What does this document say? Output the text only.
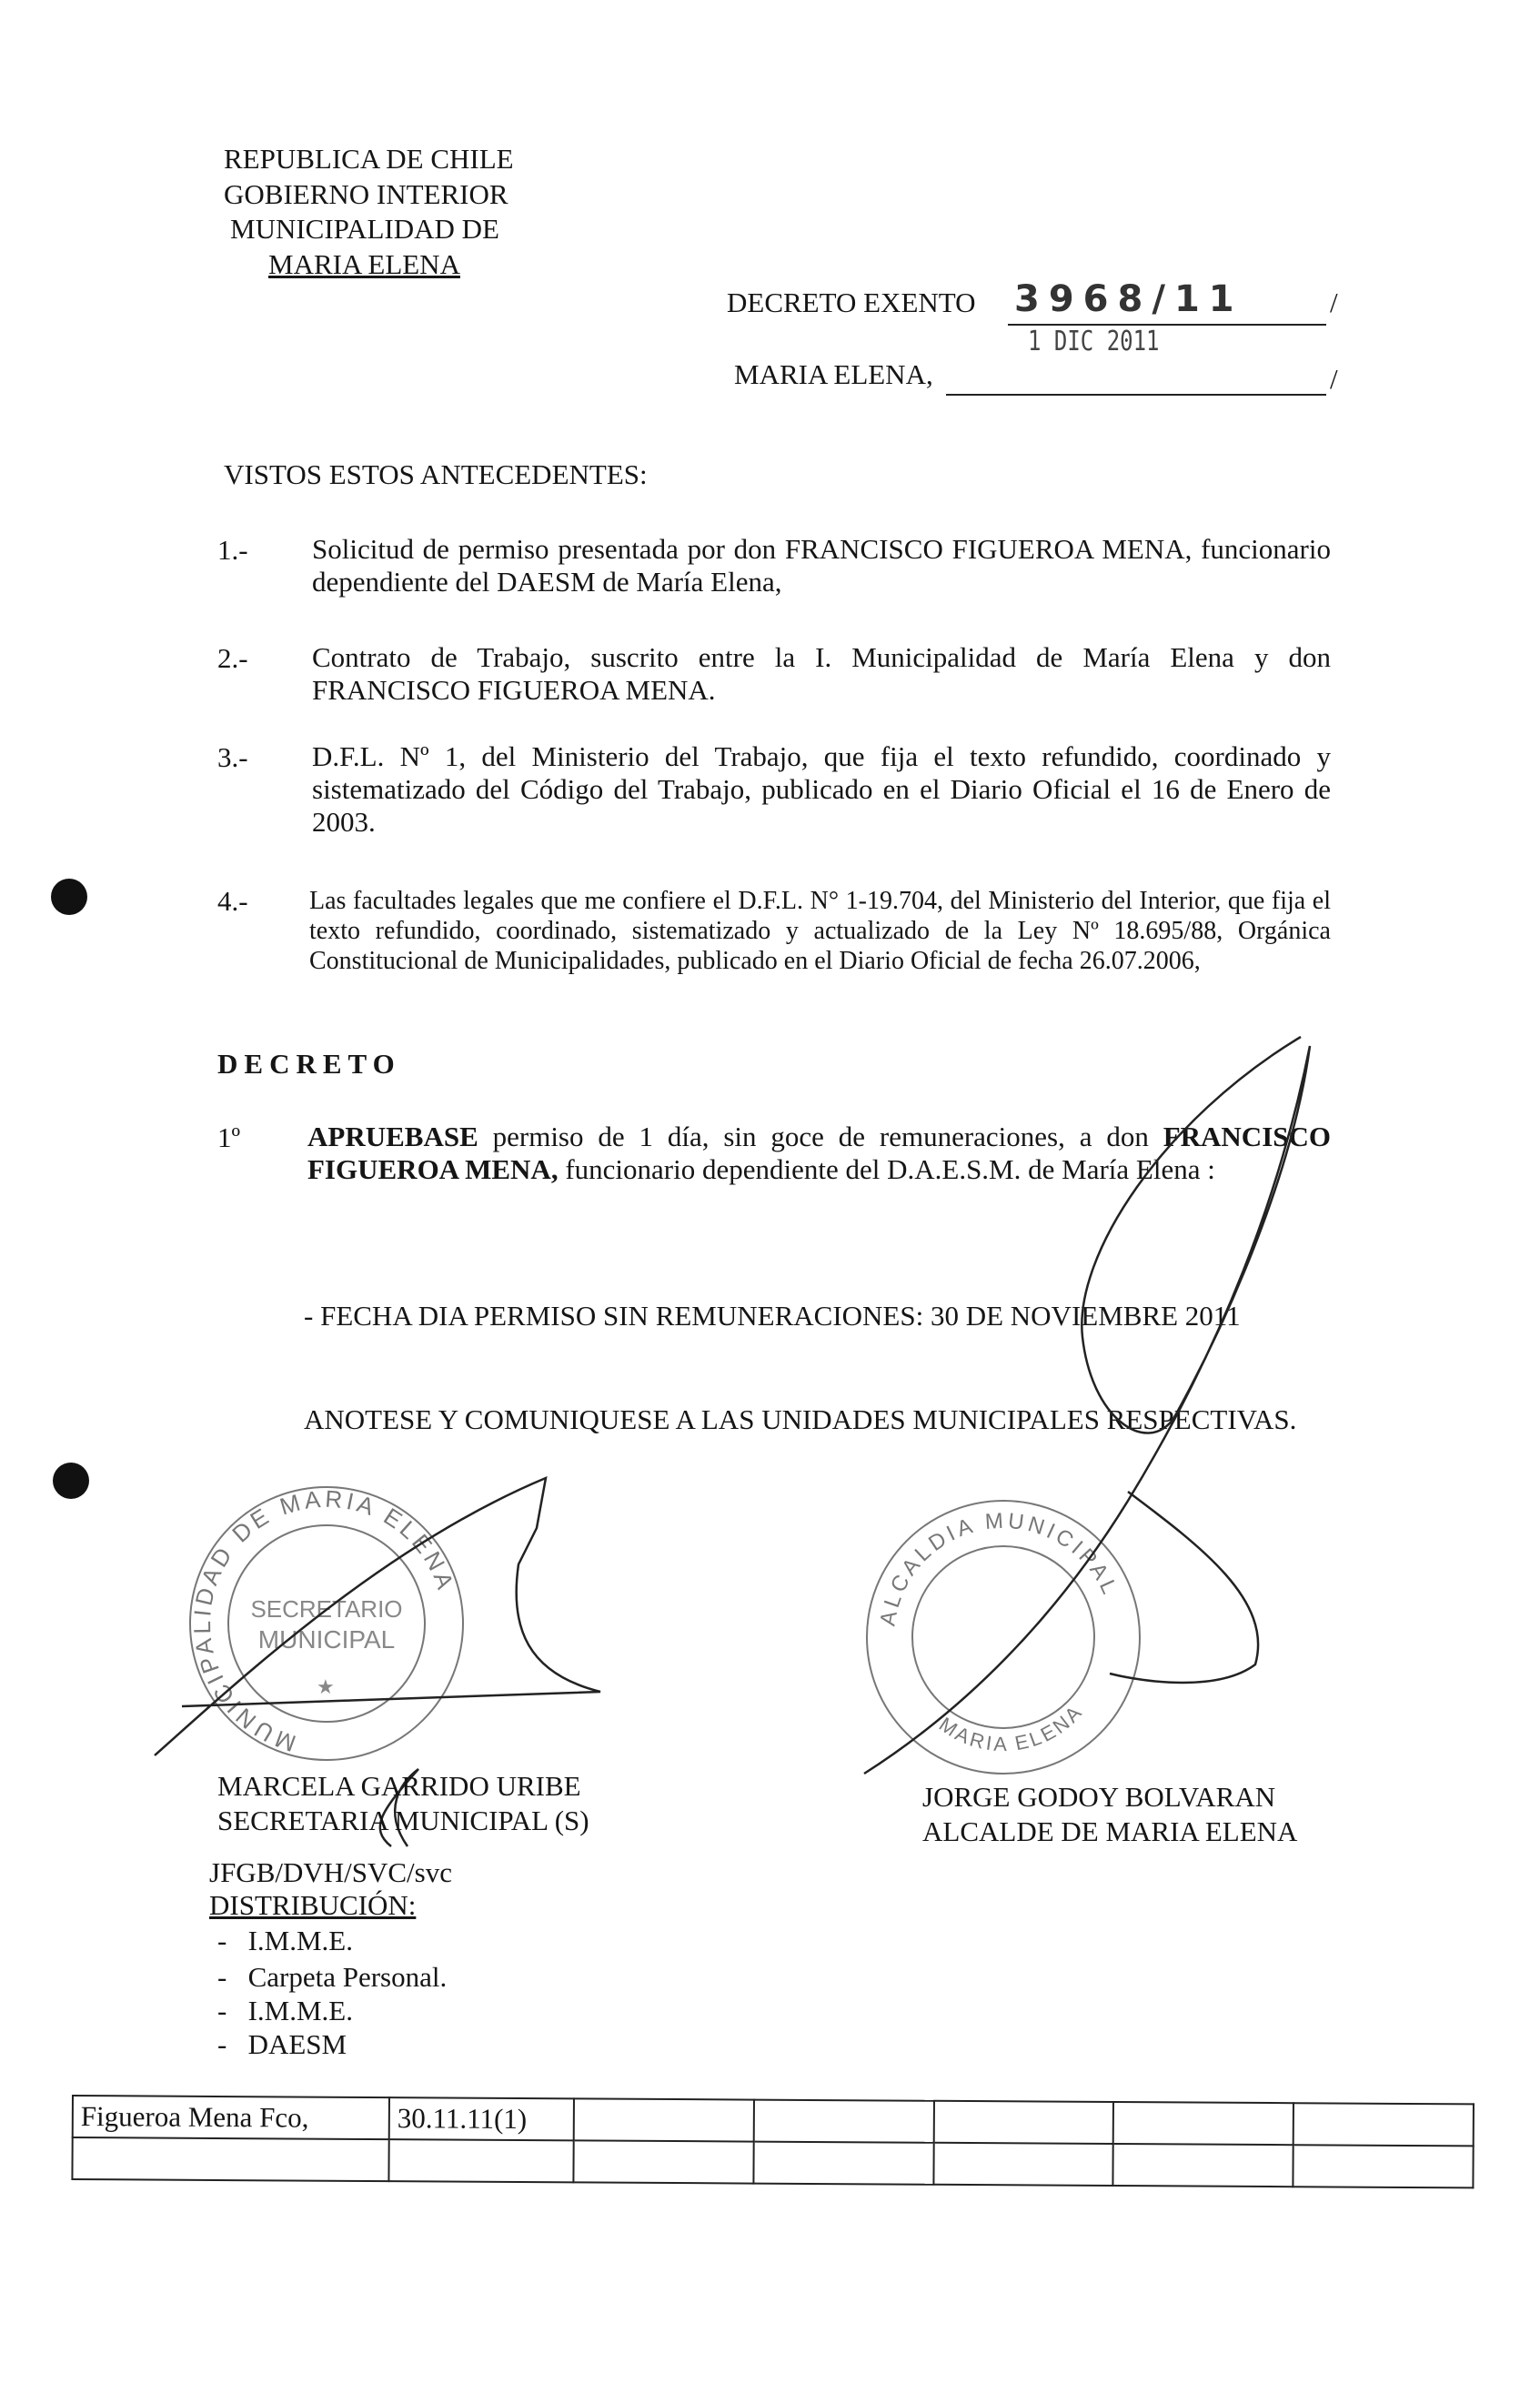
REPUBLICA DE CHILE
GOBIERNO INTERIOR
MUNICIPALIDAD DE
MARIA ELENA
DECRETO EXENTO 3968/11
1 DIC 2011
MARIA ELENA,
/
/
VISTOS ESTOS ANTECEDENTES:
1.- Solicitud de permiso presentada por don FRANCISCO FIGUEROA MENA, funcionario dependiente del DAESM de María Elena,
2.- Contrato de Trabajo, suscrito entre la I. Municipalidad de María Elena y don FRANCISCO FIGUEROA MENA.
3.- D.F.L. Nº 1, del Ministerio del Trabajo, que fija el texto refundido, coordinado y sistematizado del Código del Trabajo, publicado en el Diario Oficial el 16 de Enero de 2003.
4.- Las facultades legales que me confiere el D.F.L. N° 1-19.704, del Ministerio del Interior, que fija el texto refundido, coordinado, sistematizado y actualizado de la Ley Nº 18.695/88, Orgánica Constitucional de Municipalidades, publicado en el Diario Oficial de fecha 26.07.2006,
DECRETO
1º APRUEBASE permiso de 1 día, sin goce de remuneraciones, a don FRANCISCO FIGUEROA MENA, funcionario dependiente del D.A.E.S.M. de María Elena :
- FECHA DIA PERMISO SIN REMUNERACIONES: 30 DE NOVIEMBRE 2011
ANOTESE Y COMUNIQUESE A LAS UNIDADES MUNICIPALES RESPECTIVAS.
MUNICIPALIDAD DE MARIA ELENA
SECRETARIO
MUNICIPAL
★
ALCALDIA MUNICIPAL
MARIA ELENA
MARCELA GARRIDO URIBE
SECRETARIA MUNICIPAL (S)
JORGE GODOY BOLVARAN
ALCALDE DE MARIA ELENA
JFGB/DVH/SVC/svc
DISTRIBUCIÓN:
-   I.M.M.E.
-   Carpeta Personal.
-   I.M.M.E.
-   DAESM
Figueroa Mena Fco,	30.11.11(1)					
